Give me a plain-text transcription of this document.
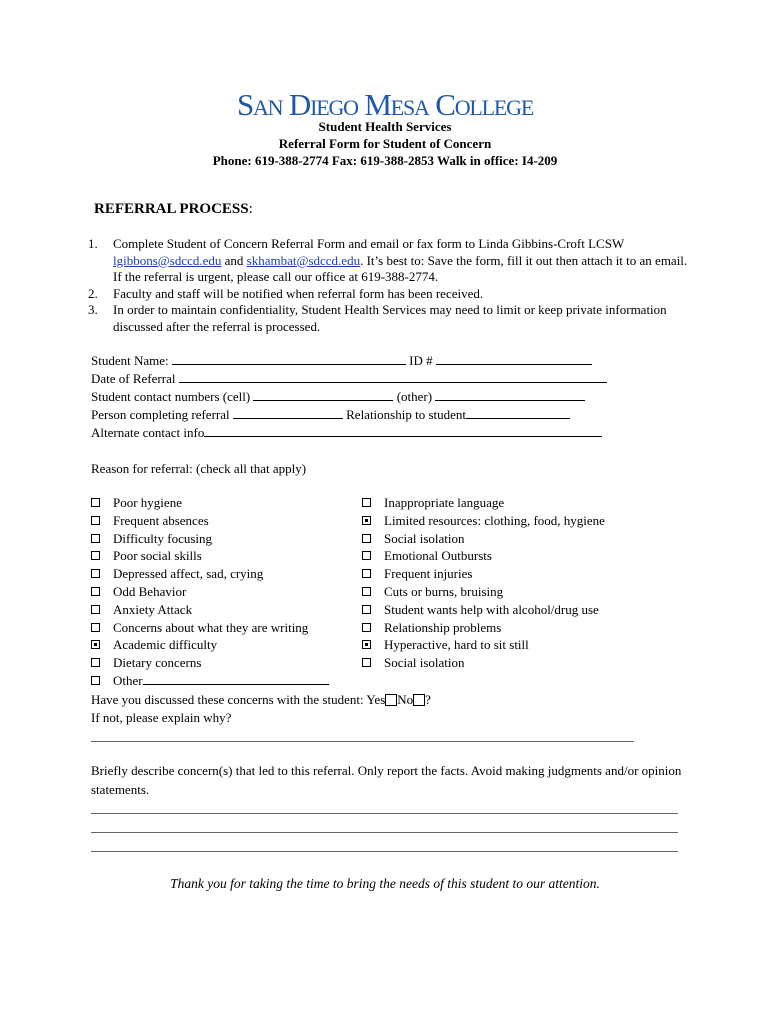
San Diego Mesa College
Student Health Services
Referral Form for Student of Concern
Phone: 619-388-2774 Fax: 619-388-2853 Walk in office: I4-209
REFERRAL PROCESS:
1. Complete Student of Concern Referral Form and email or fax form to Linda Gibbins-Croft LCSW lgibbons@sdccd.edu and skhambat@sdccd.edu. It’s best to: Save the form, fill it out then attach it to an email. If the referral is urgent, please call our office at 619-388-2774.
2. Faculty and staff will be notified when referral form has been received.
3. In order to maintain confidentiality, Student Health Services may need to limit or keep private information discussed after the referral is processed.
Student Name:	ID #
Date of Referral
Student contact numbers (cell)	(other)
Person completing referral	Relationship to student
Alternate contact info
Reason for referral: (check all that apply)
Poor hygiene
Frequent absences
Difficulty focusing
Poor social skills
Depressed affect, sad, crying
Odd Behavior
Anxiety Attack
Concerns about what they are writing
Academic difficulty
Dietary concerns
Other
Inappropriate language
Limited resources: clothing, food, hygiene
Social isolation
Emotional Outbursts
Frequent injuries
Cuts or burns, bruising
Student wants help with alcohol/drug use
Relationship problems
Hyperactive, hard to sit still
Social isolation
Have you discussed these concerns with the student: Yes No ?
If not, please explain why?
Briefly describe concern(s) that led to this referral. Only report the facts. Avoid making judgments and/or opinion statements.
Thank you for taking the time to bring the needs of this student to our attention.
